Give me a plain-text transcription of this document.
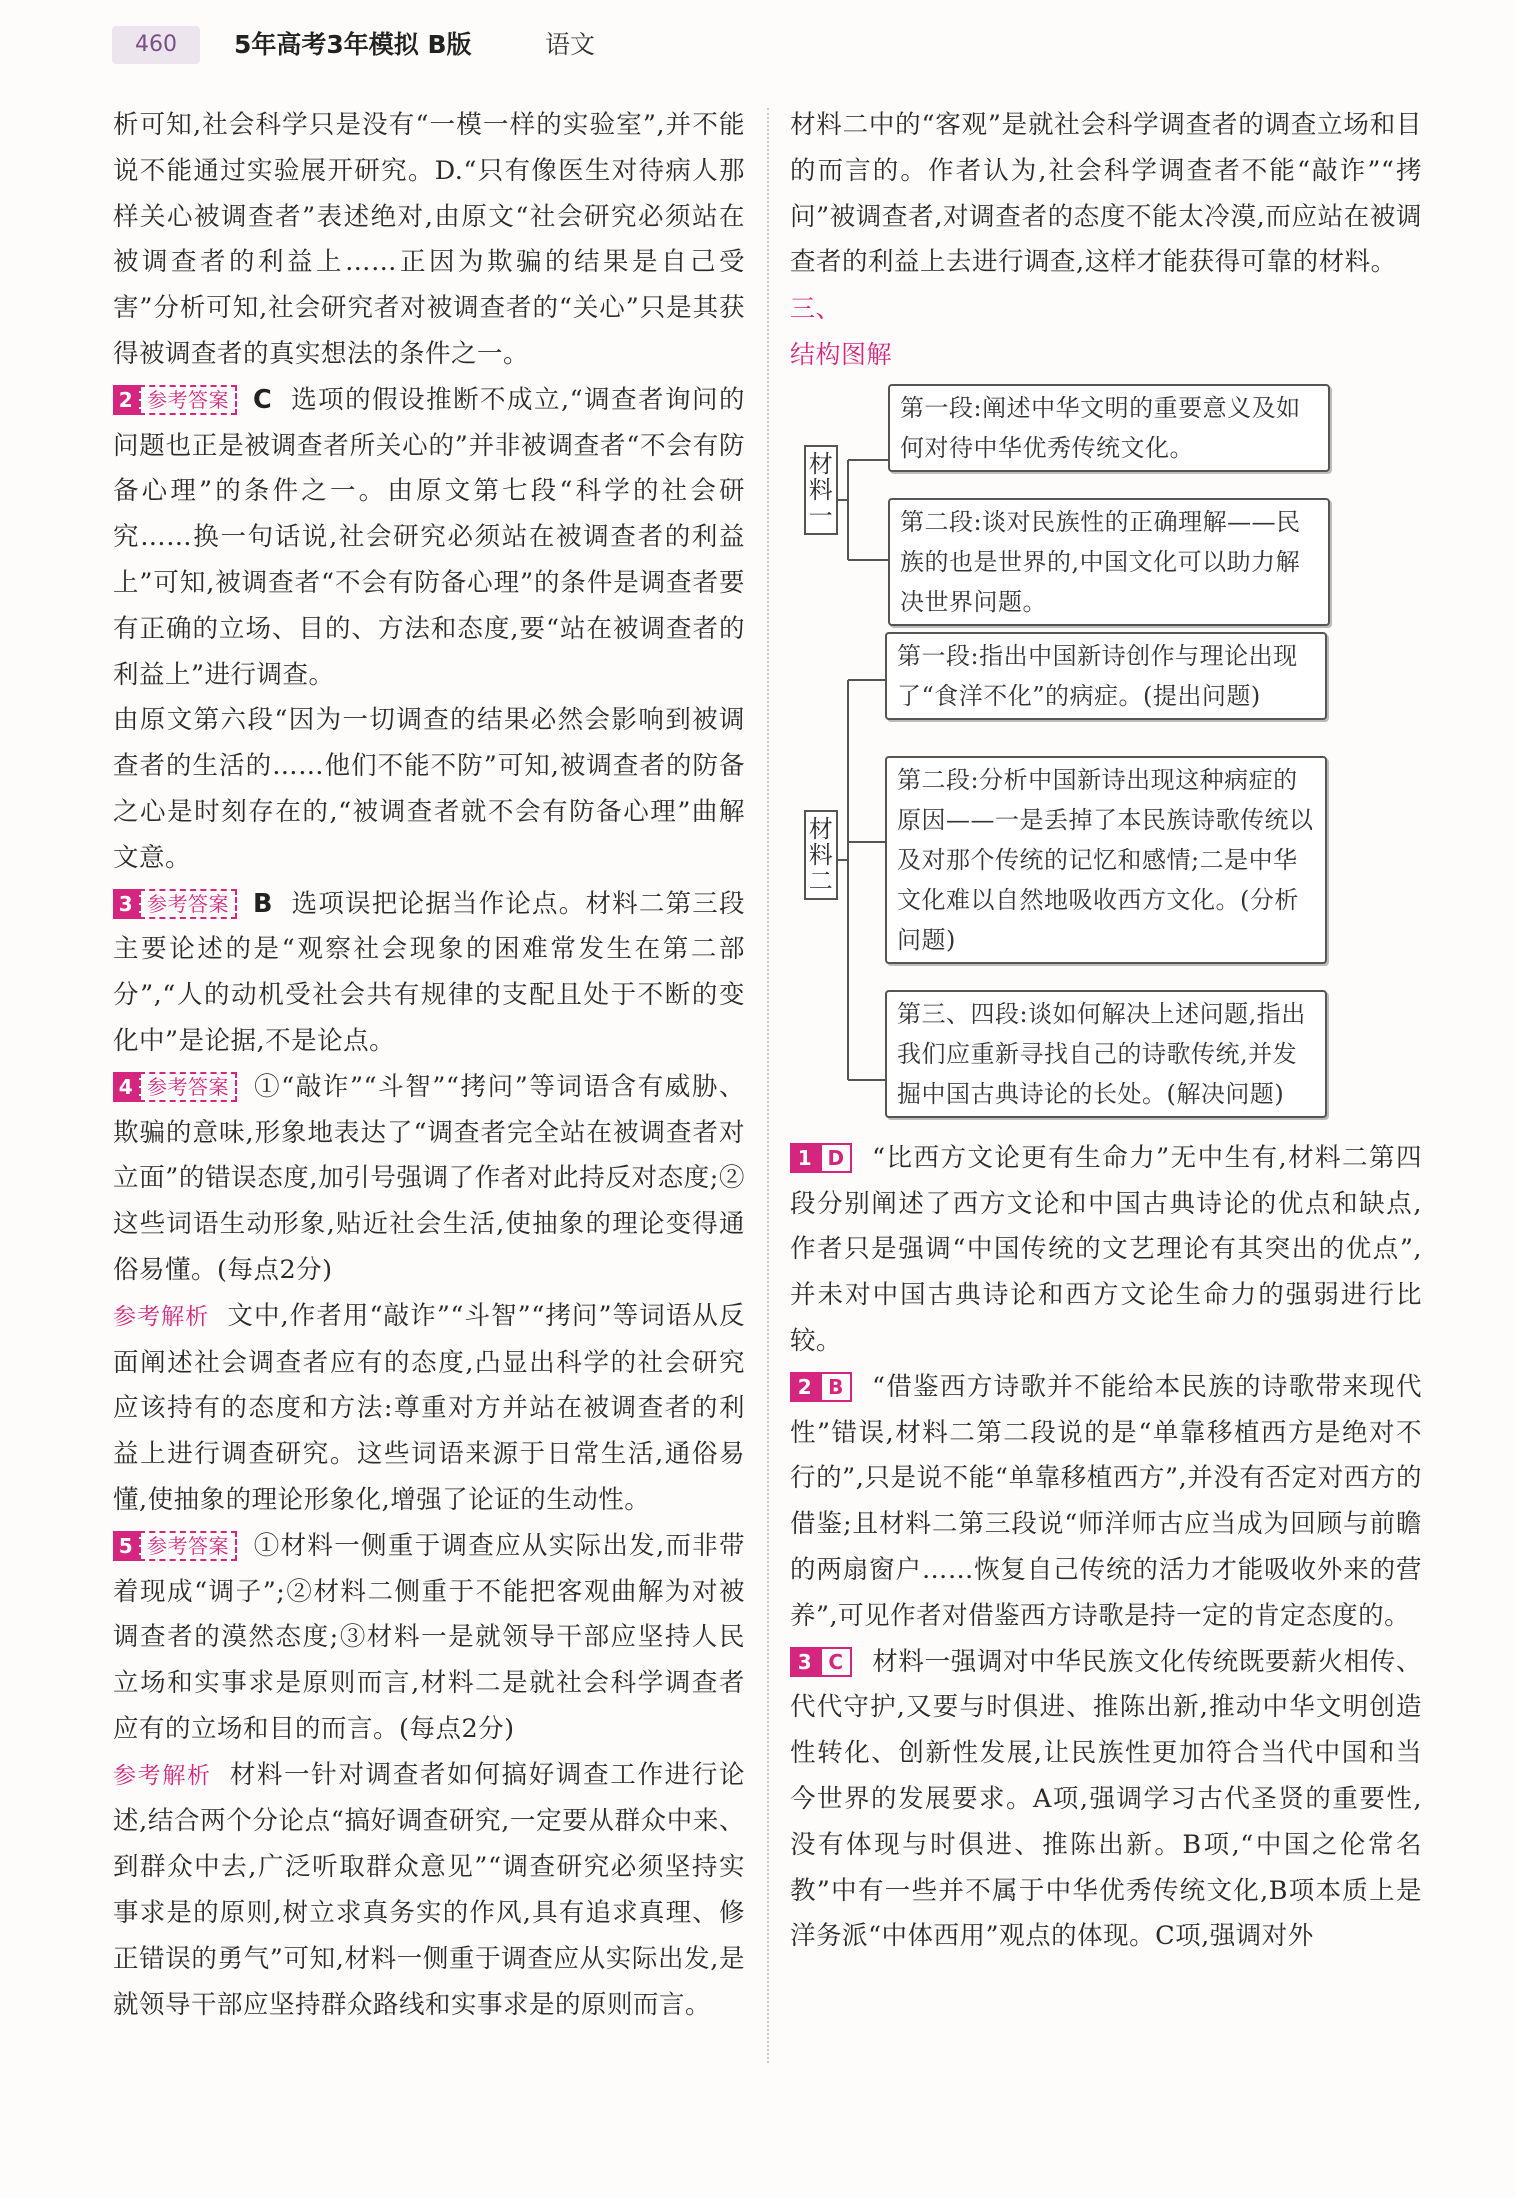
460	5年高考3年模拟 B版	语文

析可知,社会科学只是没有“一模一样的实验室”,并不能说不能通过实验展开研究。D.“只有像医生对待病人那样关心被调查者”表述绝对,由原文“社会研究必须站在被调查者的利益上……正因为欺骗的结果是自己受害”分析可知,社会研究者对被调查者的“关心”只是其获得被调查者的真实想法的条件之一。

2 参考答案 C 选项的假设推断不成立,“调查者询问的问题也正是被调查者所关心的”并非被调查者“不会有防备心理”的条件之一。由原文第七段“科学的社会研究……换一句话说,社会研究必须站在被调查者的利益上”可知,被调查者“不会有防备心理”的条件是调查者要有正确的立场、目的、方法和态度,要“站在被调查者的利益上”进行调查。

由原文第六段“因为一切调查的结果必然会影响到被调查者的生活的……他们不能不防”可知,被调查者的防备之心是时刻存在的,“被调查者就不会有防备心理”曲解文意。

3 参考答案 B 选项误把论据当作论点。材料二第三段主要论述的是“观察社会现象的困难常发生在第二部分”,“人的动机受社会共有规律的支配且处于不断的变化中”是论据,不是论点。

4 参考答案 ①“敲诈”“斗智”“拷问”等词语含有威胁、欺骗的意味,形象地表达了“调查者完全站在被调查者对立面”的错误态度,加引号强调了作者对此持反对态度;②这些词语生动形象,贴近社会生活,使抽象的理论变得通俗易懂。(每点2分)

参考解析 文中,作者用“敲诈”“斗智”“拷问”等词语从反面阐述社会调查者应有的态度,凸显出科学的社会研究应该持有的态度和方法:尊重对方并站在被调查者的利益上进行调查研究。这些词语来源于日常生活,通俗易懂,使抽象的理论形象化,增强了论证的生动性。

5 参考答案 ①材料一侧重于调查应从实际出发,而非带着现成“调子”;②材料二侧重于不能把客观曲解为对被调查者的漠然态度;③材料一是就领导干部应坚持人民立场和实事求是原则而言,材料二是就社会科学调查者应有的立场和目的而言。(每点2分)

参考解析 材料一针对调查者如何搞好调查工作进行论述,结合两个分论点“搞好调查研究,一定要从群众中来、到群众中去,广泛听取群众意见”“调查研究必须坚持实事求是的原则,树立求真务实的作风,具有追求真理、修正错误的勇气”可知,材料一侧重于调查应从实际出发,是就领导干部应坚持群众路线和实事求是的原则而言。

材料二中的“客观”是就社会科学调查者的调查立场和目的而言的。作者认为,社会科学调查者不能“敲诈”“拷问”被调查者,对调查者的态度不能太冷漠,而应站在被调查者的利益上去进行调查,这样才能获得可靠的材料。

三、

结构图解

材
料
一
材
料
二
第一段:阐述中华文明的重要意义及如何对待中华优秀传统文化。
第二段:谈对民族性的正确理解——民族的也是世界的,中国文化可以助力解决世界问题。
第一段:指出中国新诗创作与理论出现了“食洋不化”的病症。(提出问题)
第二段:分析中国新诗出现这种病症的原因——一是丢掉了本民族诗歌传统以及对那个传统的记忆和感情;二是中华文化难以自然地吸收西方文化。(分析问题)
第三、四段:谈如何解决上述问题,指出我们应重新寻找自己的诗歌传统,并发掘中国古典诗论的长处。(解决问题)

1 D “比西方文论更有生命力”无中生有,材料二第四段分别阐述了西方文论和中国古典诗论的优点和缺点,作者只是强调“中国传统的文艺理论有其突出的优点”,并未对中国古典诗论和西方文论生命力的强弱进行比较。

2 B “借鉴西方诗歌并不能给本民族的诗歌带来现代性”错误,材料二第二段说的是“单靠移植西方是绝对不行的”,只是说不能“单靠移植西方”,并没有否定对西方的借鉴;且材料二第三段说“师洋师古应当成为回顾与前瞻的两扇窗户……恢复自己传统的活力才能吸收外来的营养”,可见作者对借鉴西方诗歌是持一定的肯定态度的。

3 C 材料一强调对中华民族文化传统既要薪火相传、代代守护,又要与时俱进、推陈出新,推动中华文明创造性转化、创新性发展,让民族性更加符合当代中国和当今世界的发展要求。A项,强调学习古代圣贤的重要性,没有体现与时俱进、推陈出新。B项,“中国之伦常名教”中有一些并不属于中华优秀传统文化,B项本质上是洋务派“中体西用”观点的体现。C项,强调对外
